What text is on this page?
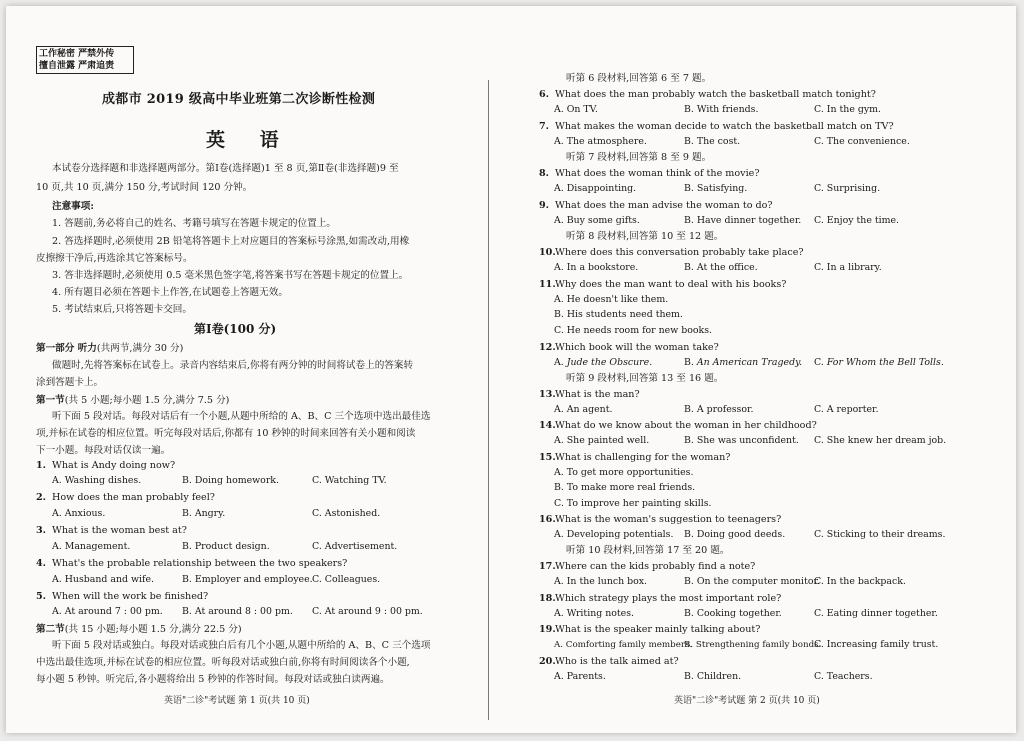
工作秘密 严禁外传
擅自泄露 严肃追责
成都市 2019 级高中毕业班第二次诊断性检测
英 语
本试卷分选择题和非选择题两部分。第Ⅰ卷(选择题)1 至 8 页,第Ⅱ卷(非选择题)9 至
10 页,共 10 页,满分 150 分,考试时间 120 分钟。
注意事项:
1. 答题前,务必将自己的姓名、考籍号填写在答题卡规定的位置上。
2. 答选择题时,必须使用 2B 铅笔将答题卡上对应题目的答案标号涂黑,如需改动,用橡
皮擦擦干净后,再选涂其它答案标号。
3. 答非选择题时,必须使用 0.5 毫米黑色签字笔,将答案书写在答题卡规定的位置上。
4. 所有题目必须在答题卡上作答,在试题卷上答题无效。
5. 考试结束后,只将答题卡交回。
第Ⅰ卷(100 分)
第一部分 听力(共两节,满分 30 分)
做题时,先将答案标在试卷上。录音内容结束后,你将有两分钟的时间将试卷上的答案转
涂到答题卡上。
第一节(共 5 小题;每小题 1.5 分,满分 7.5 分)
听下面 5 段对话。每段对话后有一个小题,从题中所给的 A、B、C 三个选项中选出最佳选
项,并标在试卷的相应位置。听完每段对话后,你都有 10 秒钟的时间来回答有关小题和阅读
下一小题。每段对话仅读一遍。
1. What is Andy doing now?
A. Washing dishes.	B. Doing homework.	C. Watching TV.
2. How does the man probably feel?
A. Anxious.	B. Angry.	C. Astonished.
3. What is the woman best at?
A. Management.	B. Product design.	C. Advertisement.
4. What's the probable relationship between the two speakers?
A. Husband and wife.	B. Employer and employee. C. Colleagues.
5. When will the work be finished?
A. At around 7 : 00 pm. B. At around 8 : 00 pm. C. At around 9 : 00 pm.
第二节(共 15 小题;每小题 1.5 分,满分 22.5 分)
听下面 5 段对话或独白。每段对话或独白后有几个小题,从题中所给的 A、B、C 三个选项
中选出最佳选项,并标在试卷的相应位置。听每段对话或独白前,你将有时间阅读各个小题,
每小题 5 秒钟。听完后,各小题将给出 5 秒钟的作答时间。每段对话或独白读两遍。
英语"二诊"考试题 第 1 页(共 10 页)
听第 6 段材料,回答第 6 至 7 题。
6. What does the man probably watch the basketball match tonight?
A. On TV.	B. With friends.	C. In the gym.
7. What makes the woman decide to watch the basketball match on TV?
A. The atmosphere.	B. The cost.	C. The convenience.
听第 7 段材料,回答第 8 至 9 题。
8. What does the woman think of the movie?
A. Disappointing.	B. Satisfying.	C. Surprising.
9. What does the man advise the woman to do?
A. Buy some gifts.	B. Have dinner together. C. Enjoy the time.
听第 8 段材料,回答第 10 至 12 题。
10.Where does this conversation probably take place?
A. In a bookstore.	B. At the office.	C. In a library.
11.Why does the man want to deal with his books?
A. He doesn't like them.
B. His students need them.
C. He needs room for new books.
12.Which book will the woman take?
A. Jude the Obscure.	B. An American Tragedy. C. For Whom the Bell Tolls.
听第 9 段材料,回答第 13 至 16 题。
13.What is the man?
A. An agent.	B. A professor.	C. A reporter.
14.What do we know about the woman in her childhood?
A. She painted well.	B. She was unconfident. C. She knew her dream job.
15.What is challenging for the woman?
A. To get more opportunities.
B. To make more real friends.
C. To improve her painting skills.
16.What is the woman's suggestion to teenagers?
A. Developing potentials. B. Doing good deeds.	C. Sticking to their dreams.
听第 10 段材料,回答第 17 至 20 题。
17.Where can the kids probably find a note?
A. In the lunch box.	B. On the computer monitor.
C. In the backpack.
18.Which strategy plays the most important role?
A. Writing notes.	B. Cooking together.	C. Eating dinner together.
19.What is the speaker mainly talking about?
A. Comforting family members.
B. Strengthening family bonds.
C. Increasing family trust.
20.Who is the talk aimed at?
A. Parents.	B. Children.	C. Teachers.
英语"二诊"考试题 第 2 页(共 10 页)
